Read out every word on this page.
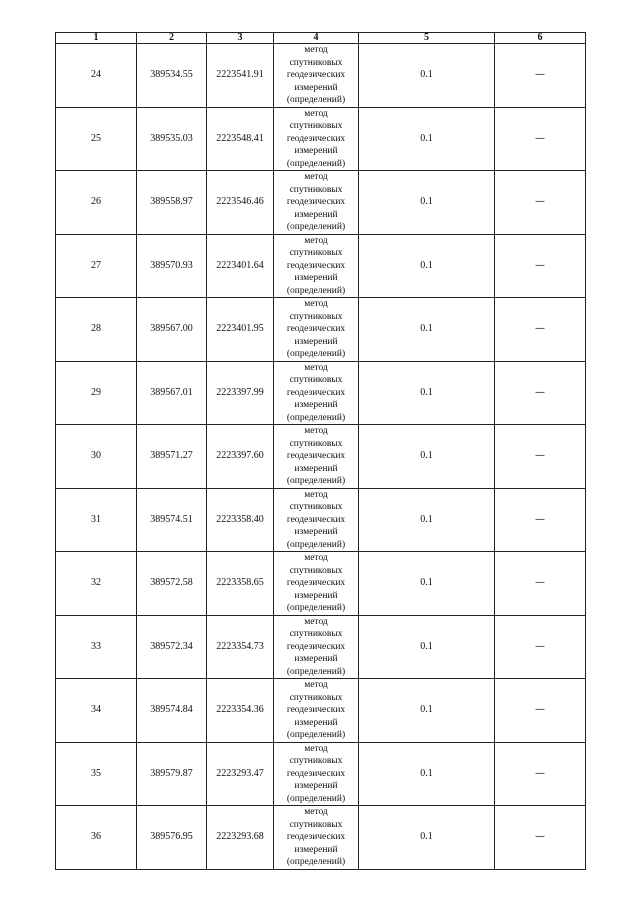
1	2	3	4	5	6
24	389534.55	2223541.91	метод
спутниковых
геодезических
измерений
(определений)	0.1	—
25	389535.03	2223548.41	метод
спутниковых
геодезических
измерений
(определений)	0.1	—
26	389558.97	2223546.46	метод
спутниковых
геодезических
измерений
(определений)	0.1	—
27	389570.93	2223401.64	метод
спутниковых
геодезических
измерений
(определений)	0.1	—
28	389567.00	2223401.95	метод
спутниковых
геодезических
измерений
(определений)	0.1	—
29	389567.01	2223397.99	метод
спутниковых
геодезических
измерений
(определений)	0.1	—
30	389571.27	2223397.60	метод
спутниковых
геодезических
измерений
(определений)	0.1	—
31	389574.51	2223358.40	метод
спутниковых
геодезических
измерений
(определений)	0.1	—
32	389572.58	2223358.65	метод
спутниковых
геодезических
измерений
(определений)	0.1	—
33	389572.34	2223354.73	метод
спутниковых
геодезических
измерений
(определений)	0.1	—
34	389574.84	2223354.36	метод
спутниковых
геодезических
измерений
(определений)	0.1	—
35	389579.87	2223293.47	метод
спутниковых
геодезических
измерений
(определений)	0.1	—
36	389576.95	2223293.68	метод
спутниковых
геодезических
измерений
(определений)	0.1	—
